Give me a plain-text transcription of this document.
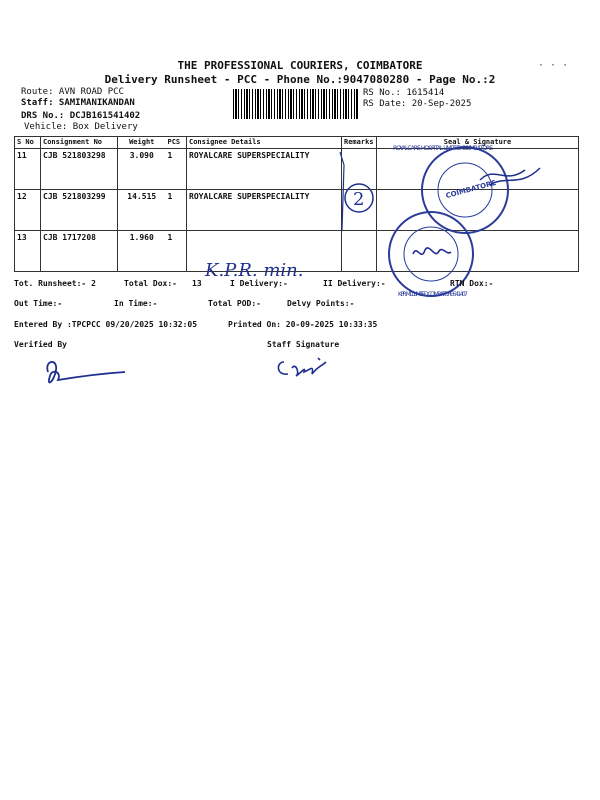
THE PROFESSIONAL COURIERS, COIMBATORE
Delivery Runsheet - PCC - Phone No.:9047080280 - Page No.:2
· · ·
Route: AVN ROAD PCC
Staff: SAMIMANIKANDAN
DRS No.: DCJB161541402
Vehicle: Box Delivery
RS No.: 1615414
RS Date: 20-Sep-2025
S No	Consignment No	Weight	PCS	Consignee Details	Remarks	Seal & Signature
11	CJB 521803298	3.090	1	ROYALCARE SUPERSPECIALITY		
12	CJB 521803299	14.515	1	ROYALCARE SUPERSPECIALITY		
13	CJB 1717208	1.960	1			
2	COIMBATORE
ROYALCARE HOSPITAL LIMITED COIMBATORE
K.P.R. MILL LIMITED COIMBATORE 641407
K.P.R. min.
Tot. Runsheet:- 2	Total Dox:- 13	I Delivery:-	II Delivery:-	RTN Dox:-
Out Time:-	In Time:-	Total POD:-	Delvy Points:-
Entered By :TPCPCC 09/20/2025 10:32:05	Printed On: 20-09-2025 10:33:35
Verified By	Staff Signature
